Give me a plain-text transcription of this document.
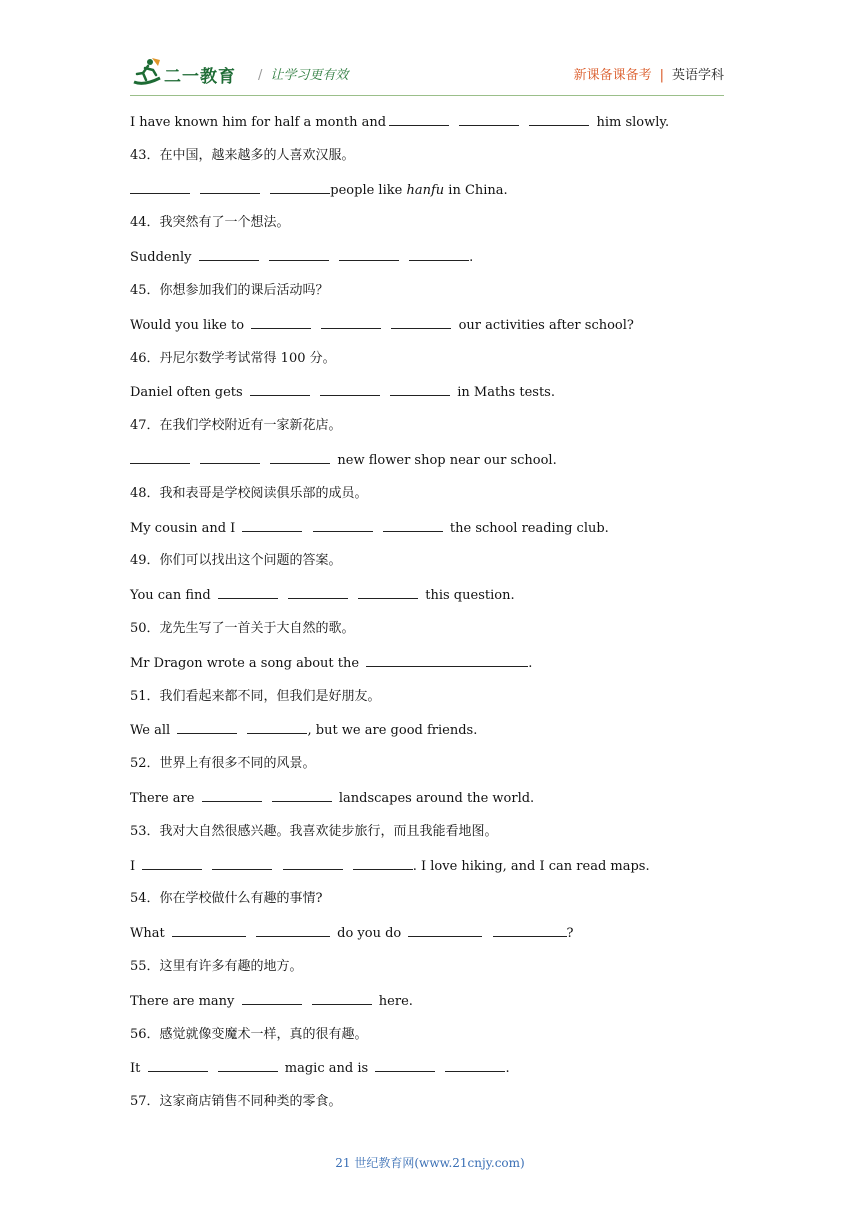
二一教育 / 让学习更有效	新课备课备考 | 英语学科
I have known him for half a month and	him slowly.
43．在中国，越来越多的人喜欢汉服。
people like hanfu in China.
44．我突然有了一个想法。
Suddenly	.
45．你想参加我们的课后活动吗？
Would you like to	our activities after school?
46．丹尼尔数学考试常得 100 分。
Daniel often gets	in Maths tests.
47．在我们学校附近有一家新花店。
new flower shop near our school.
48．我和表哥是学校阅读俱乐部的成员。
My cousin and I	the school reading club.
49．你们可以找出这个问题的答案。
You can find	this question.
50．龙先生写了一首关于大自然的歌。
Mr Dragon wrote a song about the	.
51．我们看起来都不同，但我们是好朋友。
We all	, but we are good friends.
52．世界上有很多不同的风景。
There are	landscapes around the world.
53．我对大自然很感兴趣。我喜欢徒步旅行，而且我能看地图。
I	. I love hiking, and I can read maps.
54．你在学校做什么有趣的事情?
What	do you do	?
55．这里有许多有趣的地方。
There are many	here.
56．感觉就像变魔术一样，真的很有趣。
It	magic and is	.
57．这家商店销售不同种类的零食。
21 世纪教育网(www.21cnjy.com)
